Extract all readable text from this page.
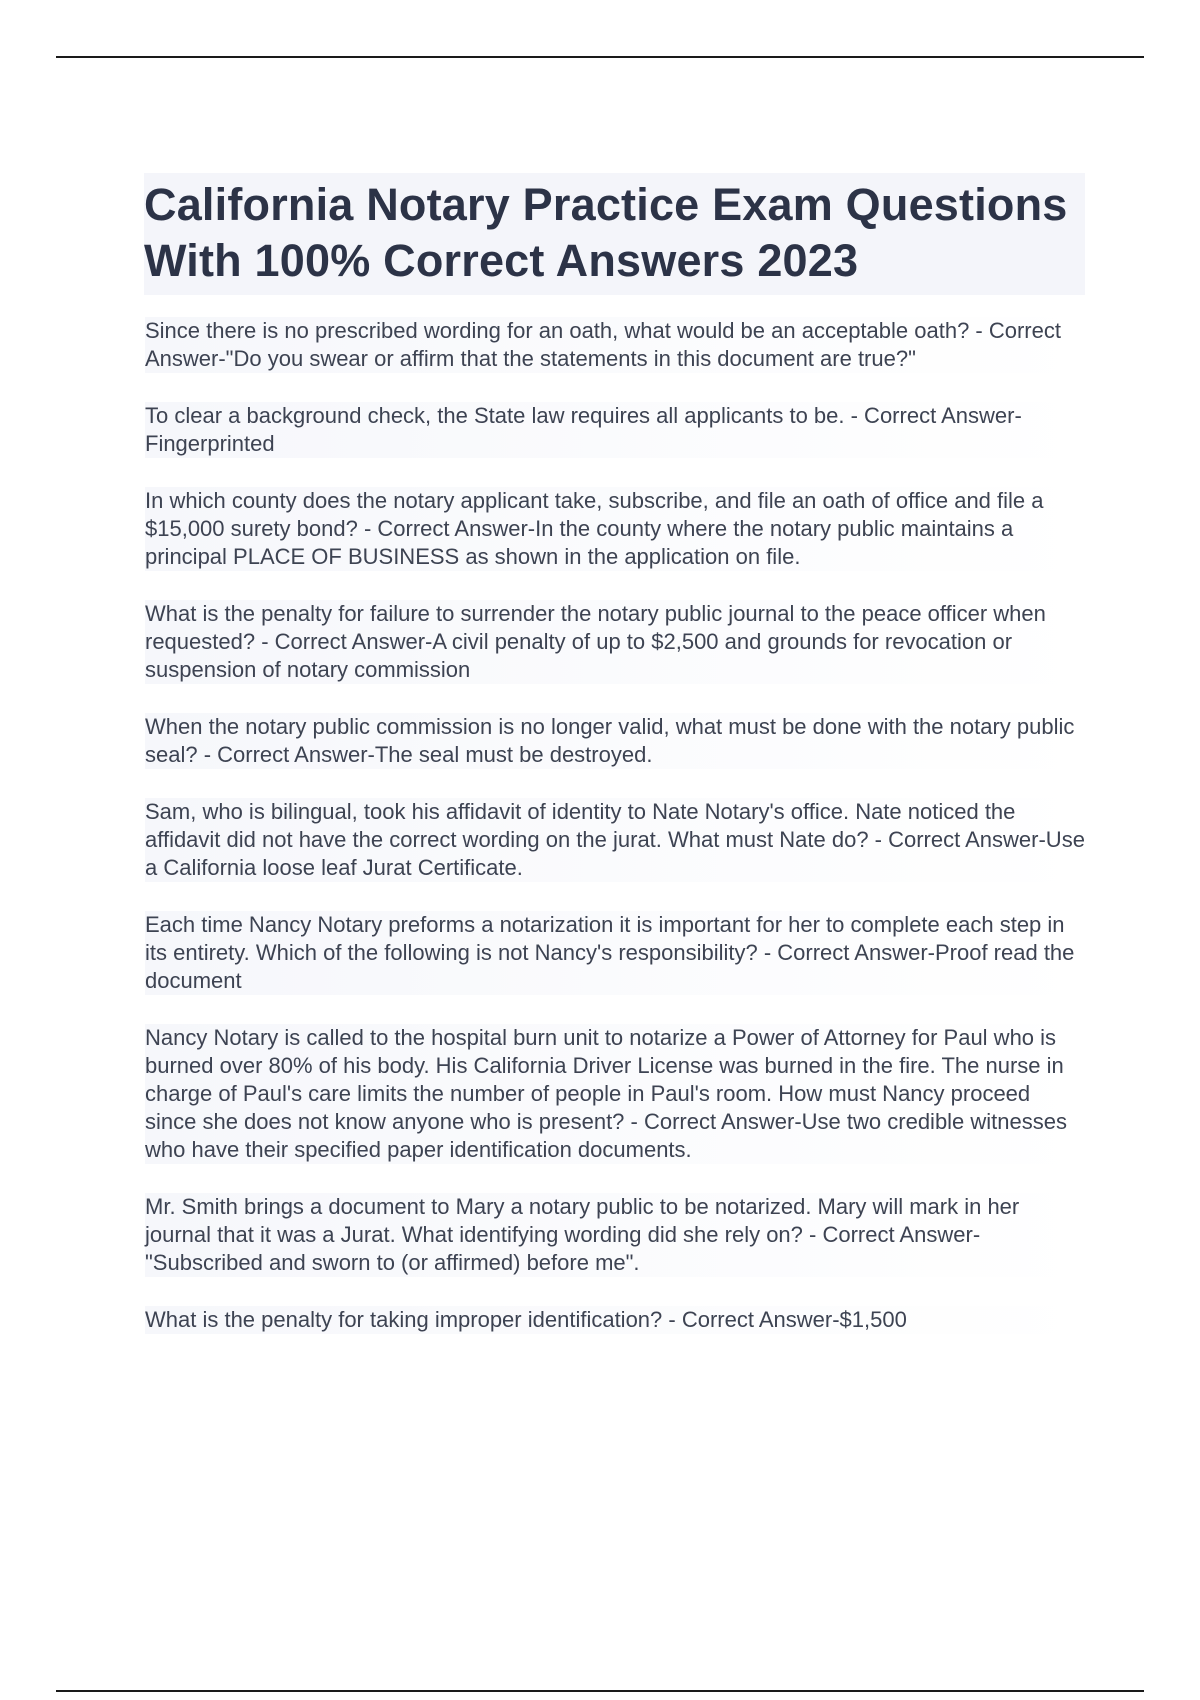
California Notary Practice Exam Questions With 100% Correct Answers 2023

Since there is no prescribed wording for an oath, what would be an acceptable oath? - Correct Answer-"Do you swear or affirm that the statements in this document are true?"

To clear a background check, the State law requires all applicants to be. - Correct Answer-Fingerprinted

In which county does the notary applicant take, subscribe, and file an oath of office and file a $15,000 surety bond? - Correct Answer-In the county where the notary public maintains a principal PLACE OF BUSINESS as shown in the application on file.

What is the penalty for failure to surrender the notary public journal to the peace officer when requested? - Correct Answer-A civil penalty of up to $2,500 and grounds for revocation or suspension of notary commission

When the notary public commission is no longer valid, what must be done with the notary public seal? - Correct Answer-The seal must be destroyed.

Sam, who is bilingual, took his affidavit of identity to Nate Notary's office. Nate noticed the affidavit did not have the correct wording on the jurat. What must Nate do? - Correct Answer-Use a California loose leaf Jurat Certificate.

Each time Nancy Notary preforms a notarization it is important for her to complete each step in its entirety. Which of the following is not Nancy's responsibility? - Correct Answer-Proof read the document

Nancy Notary is called to the hospital burn unit to notarize a Power of Attorney for Paul who is burned over 80% of his body. His California Driver License was burned in the fire. The nurse in charge of Paul's care limits the number of people in Paul's room. How must Nancy proceed since she does not know anyone who is present? - Correct Answer-Use two credible witnesses who have their specified paper identification documents.

Mr. Smith brings a document to Mary a notary public to be notarized. Mary will mark in her journal that it was a Jurat. What identifying wording did she rely on? - Correct Answer-"Subscribed and sworn to (or affirmed) before me".

What is the penalty for taking improper identification? - Correct Answer-$1,500
